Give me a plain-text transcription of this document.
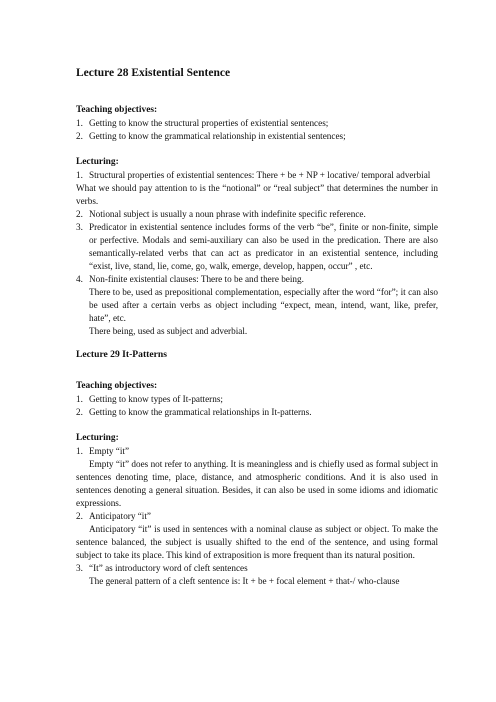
Lecture 28 Existential Sentence
Teaching objectives:
1. Getting to know the structural properties of existential sentences;
2. Getting to know the grammatical relationship in existential sentences;
Lecturing:
1. Structural properties of existential sentences: There + be + NP + locative/ temporal adverbial

What we should pay attention to is the “notional” or “real subject” that determines the number in verbs.

2. Notional subject is usually a noun phrase with indefinite specific reference.
3. Predicator in existential sentence includes forms of the verb “be”, finite or non-finite, simple or perfective. Modals and semi-auxiliary can also be used in the predication. There are also semantically-related verbs that can act as predicator in an existential sentence, including “exist, live, stand, lie, come, go, walk, emerge, develop, happen, occur” , etc.
4. Non-finite existential clauses: There to be and there being.

There to be, used as prepositional complementation, especially after the word “for”; it can also be used after a certain verbs as object including “expect, mean, intend, want, like, prefer, hate”, etc.

There being, used as subject and adverbial.

Lecture 29 It-Patterns
Teaching objectives:
1. Getting to know types of It-patterns;
2. Getting to know the grammatical relationships in It-patterns.
Lecturing:
1. Empty “it”

Empty “it” does not refer to anything. It is meaningless and is chiefly used as formal subject in sentences denoting time, place, distance, and atmospheric conditions. And it is also used in sentences denoting a general situation. Besides, it can also be used in some idioms and idiomatic expressions.

2. Anticipatory “it”

Anticipatory “it” is used in sentences with a nominal clause as subject or object. To make the sentence balanced, the subject is usually shifted to the end of the sentence, and using formal subject to take its place. This kind of extraposition is more frequent than its natural position.

3. “It” as introductory word of cleft sentences

The general pattern of a cleft sentence is: It + be + focal element + that-/ who-clause
